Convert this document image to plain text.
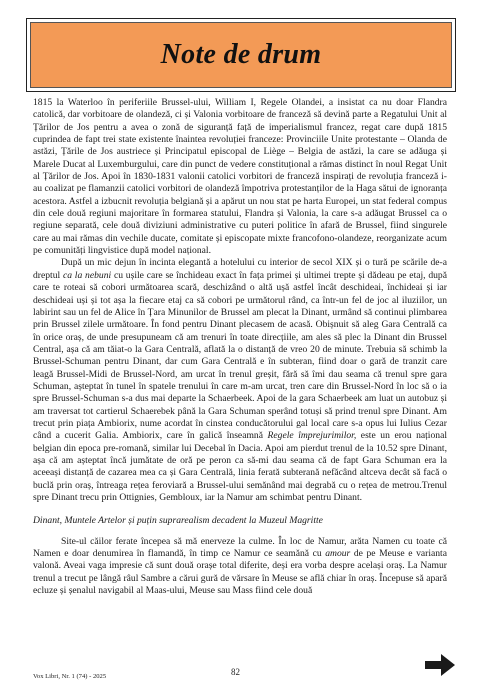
Note de drum

1815 la Waterloo în periferiile Brussel-ului, William I, Regele Olandei, a insistat ca nu doar Flandra catolică, dar vorbitoare de olandeză, ci și Valonia vorbitoare de franceză să devină parte a Regatului Unit al Țărilor de Jos pentru a avea o zonă de siguranță față de imperialismul francez, regat care după 1815 cuprindea de fapt trei state existente înaintea revoluției franceze: Provinciile Unite protestante – Olanda de astăzi, Țările de Jos austriece și Principatul episcopal de Liège – Belgia de astăzi, la care se adăuga și Marele Ducat al Luxemburgului, care din punct de vedere constituțional a rămas distinct în noul Regat Unit al Țărilor de Jos. Apoi în 1830-1831 valonii catolici vorbitori de franceză inspirați de revoluția franceză i-au coalizat pe flamanzii catolici vorbitori de olandeză împotriva protestanților de la Haga sătui de ignoranța acestora. Astfel a izbucnit revoluția belgiană și a apărut un nou stat pe harta Europei, un stat federal compus din cele două regiuni majoritare în formarea statului, Flandra și Valonia, la care s-a adăugat Brussel ca o regiune separată, cele două diviziuni administrative cu puteri politice în afară de Brussel, fiind singurele care au mai rămas din vechile ducate, comitate și episcopate mixte francofono-olandeze, reorganizate acum pe comunități lingvistice după model național.

După un mic dejun în incinta elegantă a hotelului cu interior de secol XIX și o tură pe scările de-a dreptul ca la nebuni cu ușile care se închideau exact în fața primei și ultimei trepte și dădeau pe etaj, după care te roteai să cobori următoarea scară, deschizând o altă ușă astfel încât deschideai, închideai și iar deschideai uși și tot așa la fiecare etaj ca să cobori pe următorul rând, ca într-un fel de joc al iluziilor, un labirint sau un fel de Alice în Țara Minunilor de Brussel am plecat la Dinant, urmând să continui plimbarea prin Brussel zilele următoare. În fond pentru Dinant plecasem de acasă. Obișnuit să aleg Gara Centrală ca în orice oraș, de unde presupuneam că am trenuri în toate direcțiile, am ales să plec la Dinant din Brussel Central, așa că am tăiat-o la Gara Centrală, aflată la o distanță de vreo 20 de minute. Trebuia să schimb la Brussel-Schuman pentru Dinant, dar cum Gara Centrală e în subteran, fiind doar o gară de tranzit care leagă Brussel-Midi de Brussel-Nord, am urcat în trenul greșit, fără să îmi dau seama că trenul spre gara Schuman, așteptat în tunel în spatele trenului în care m-am urcat, tren care din Brussel-Nord în loc să o ia spre Brussel-Schuman s-a dus mai departe la Schaerbeek. Apoi de la gara Schaerbeek am luat un autobuz și am traversat tot cartierul Schaerebek până la Gara Schuman sperând totuși să prind trenul spre Dinant. Am trecut prin piața Ambiorix, nume acordat în cinstea conducătorului gal local care s-a opus lui Iulius Cezar când a cucerit Galia. Ambiorix, care în galică înseamnă Regele împrejurimilor, este un erou național belgian din epoca pre-romană, similar lui Decebal în Dacia. Apoi am pierdut trenul de la 10.52 spre Dinant, așa că am așteptat încă jumătate de oră pe peron ca să-mi dau seama că de fapt Gara Schuman era la aceeași distanță de cazarea mea ca și Gara Centrală, linia ferată subterană nefăcând altceva decât să facă o buclă prin oraș, întreaga rețea feroviară a Brussel-ului semănând mai degrabă cu o rețea de metrou.Trenul spre Dinant trecu prin Ottignies, Gembloux, iar la Namur am schimbat pentru Dinant.

Dinant, Muntele Artelor și puțin suprarealism decadent la Muzeul Magritte

Site-ul căilor ferate începea să mă enerveze la culme. În loc de Namur, arăta Namen cu toate că Namen e doar denumirea în flamandă, în timp ce Namur ce seamănă cu amour de pe Meuse e varianta valonă. Aveai vaga impresie că sunt două orașe total diferite, deși era vorba despre același oraș. La Namur trenul a trecut pe lângă râul Sambre a cărui gură de vărsare în Meuse se află chiar în oraș. Începuse să apară ecluze și șenalul navigabil al Maas-ului, Meuse sau Mass fiind cele două

Vox Libri, Nr. 1 (74) - 2025	82
